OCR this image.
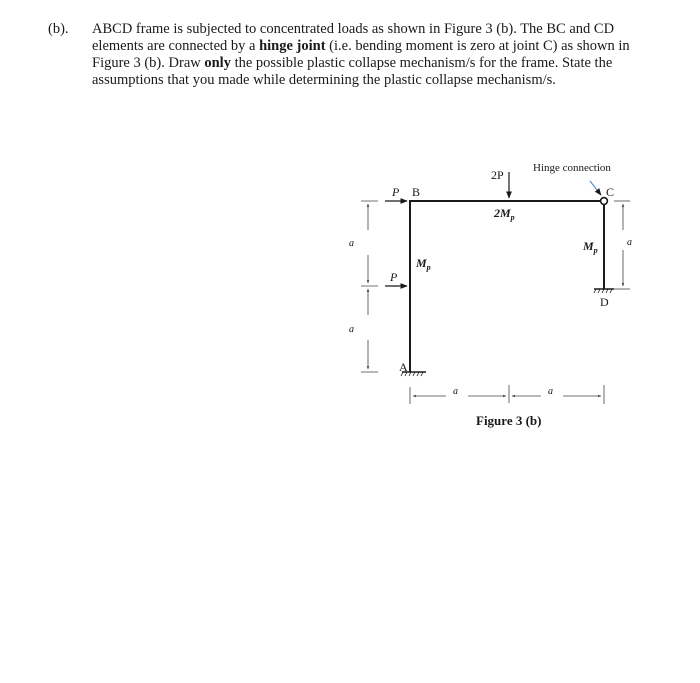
(b). ABCD frame is subjected to concentrated loads as shown in Figure 3 (b). The BC and CD elements are connected by a hinge joint (i.e. bending moment is zero at joint C) as shown in Figure 3 (b). Draw only the possible plastic collapse mechanism/s for the frame. State the assumptions that you made while determining the plastic collapse mechanism/s.
A
B	C
D
P
P
2P	Hinge connection
$2M_p$
$M_p$
$M_p$
a
a
a
a	a
Figure 3 (b)
